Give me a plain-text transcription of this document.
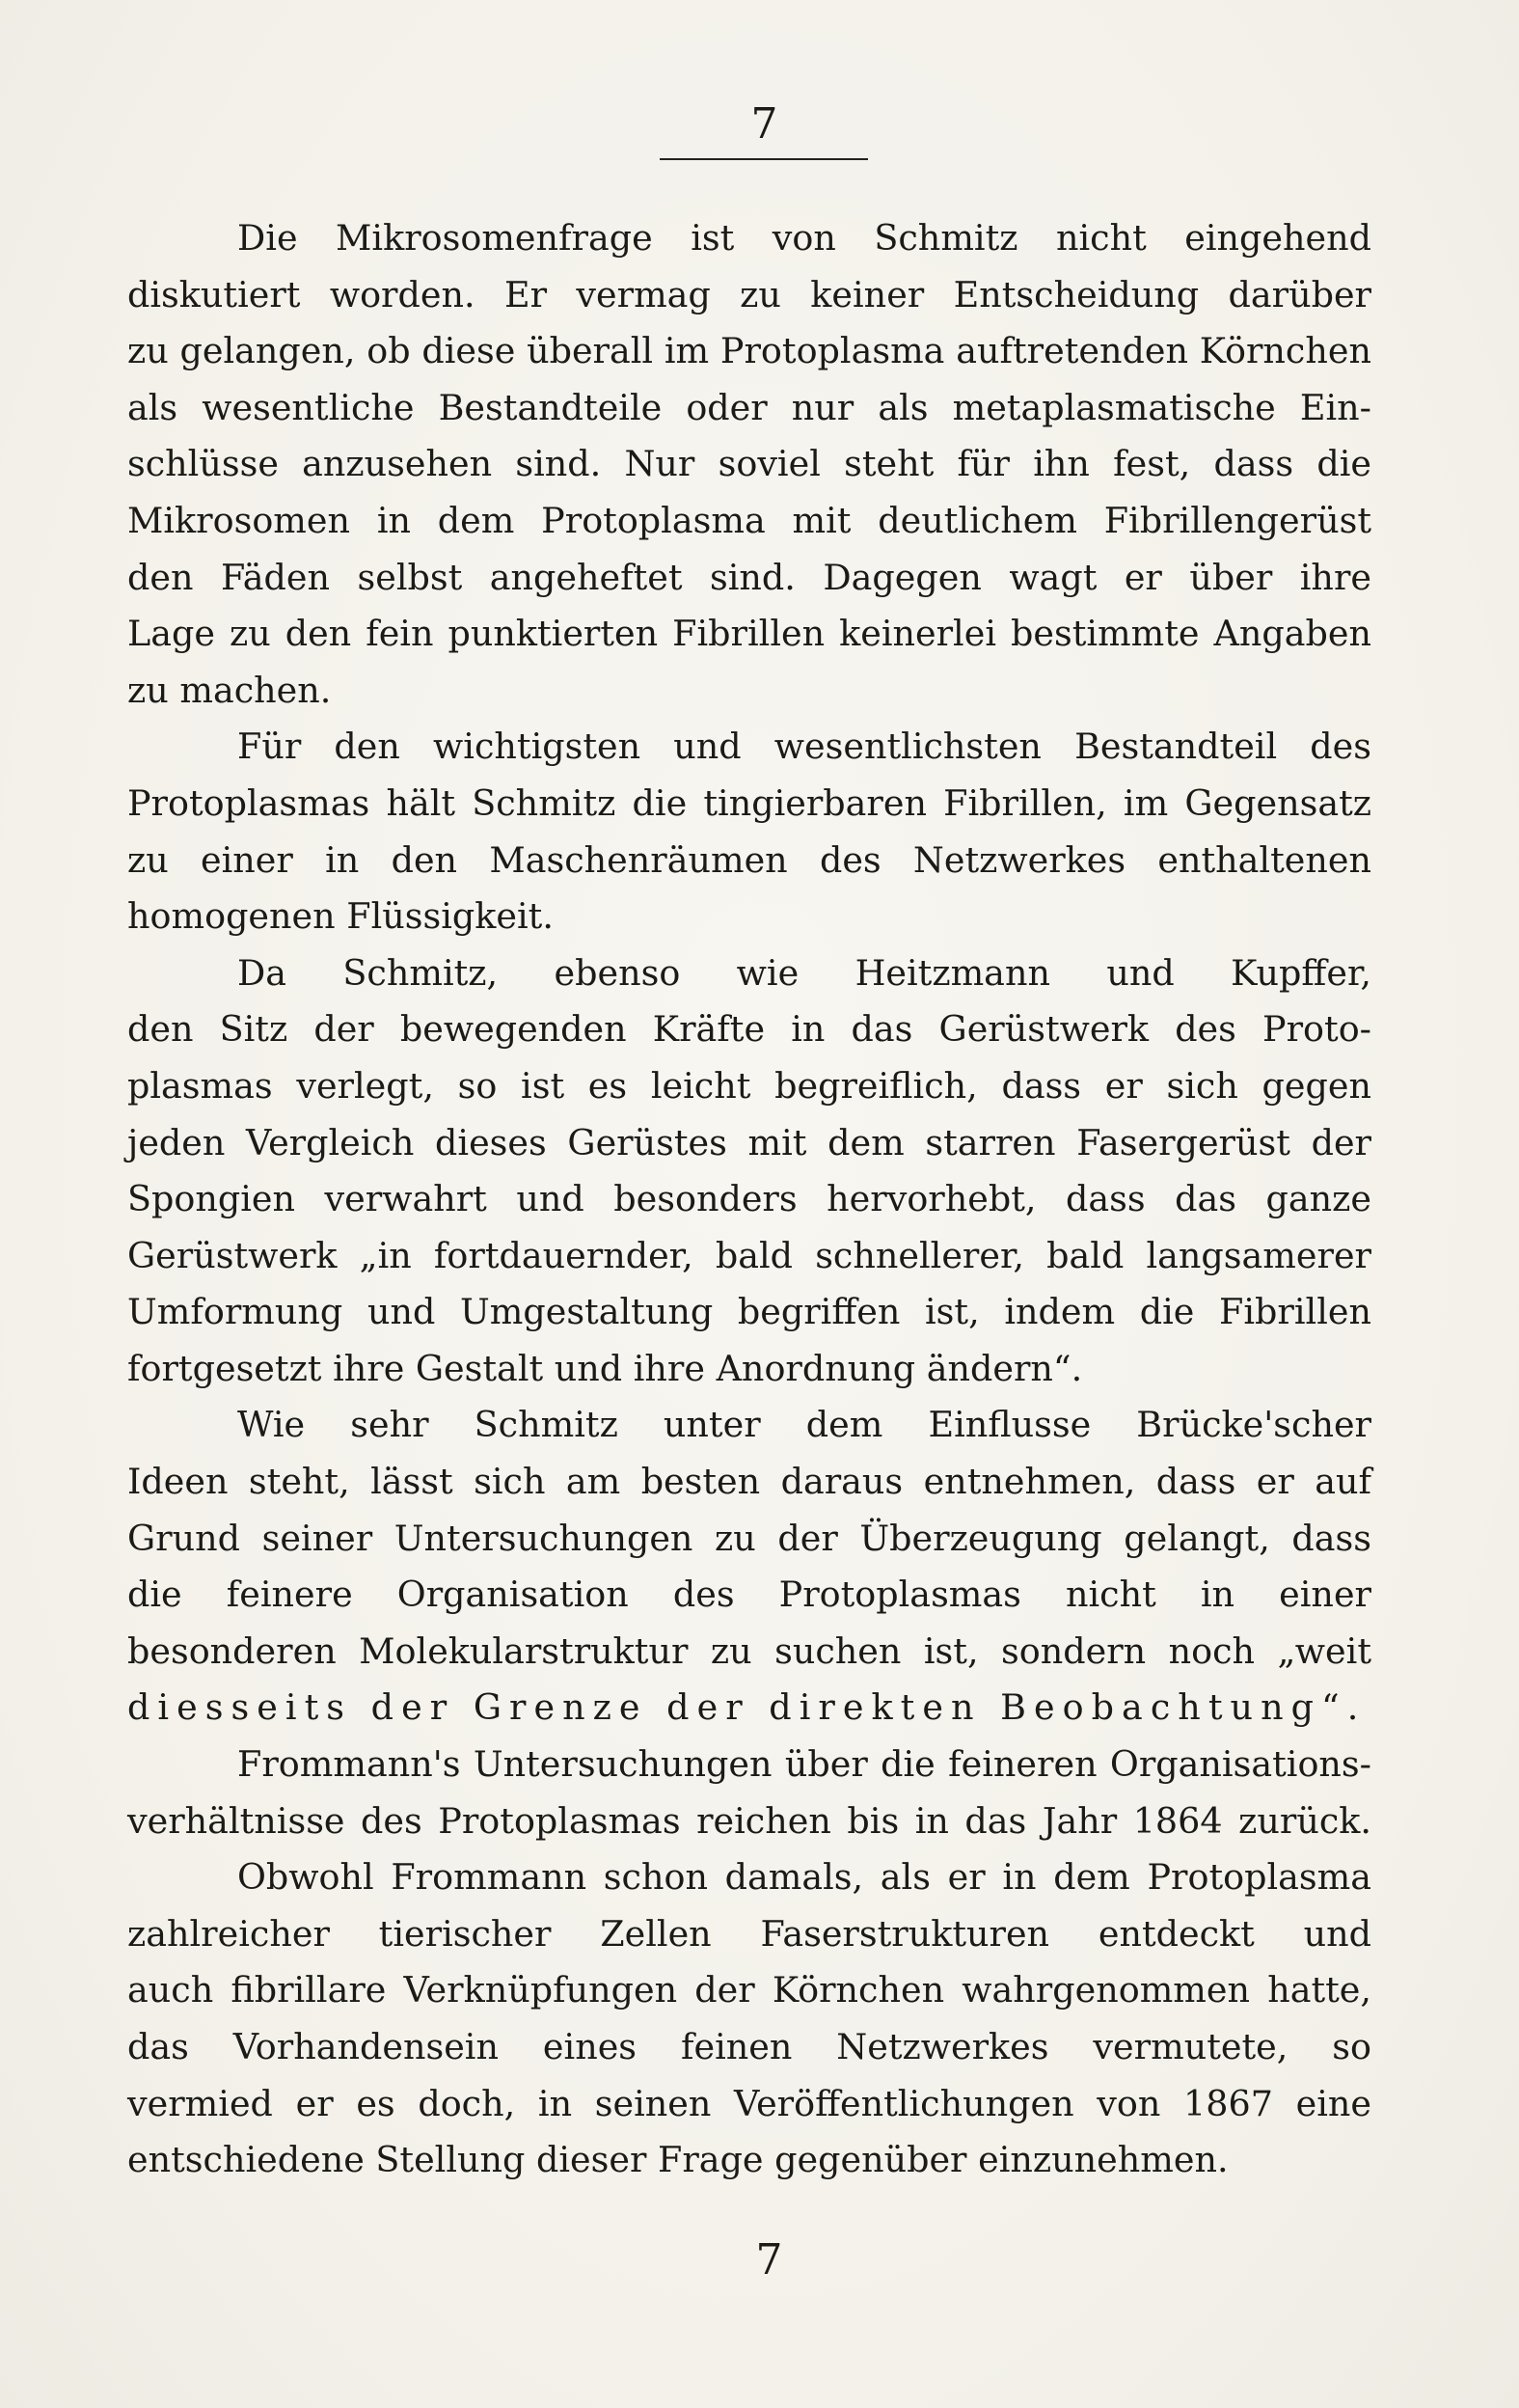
7
Die Mikrosomenfrage ist von Schmitz nicht eingehend
diskutiert worden. Er vermag zu keiner Entscheidung darüber
zu gelangen, ob diese überall im Protoplasma auftretenden Körnchen
als wesentliche Bestandteile oder nur als metaplasmatische Ein-
schlüsse anzusehen sind. Nur soviel steht für ihn fest, dass die
Mikrosomen in dem Protoplasma mit deutlichem Fibrillengerüst
den Fäden selbst angeheftet sind. Dagegen wagt er über ihre
Lage zu den fein punktierten Fibrillen keinerlei bestimmte Angaben
zu machen.
Für den wichtigsten und wesentlichsten Bestandteil des
Protoplasmas hält Schmitz die tingierbaren Fibrillen, im Gegensatz
zu einer in den Maschenräumen des Netzwerkes enthaltenen
homogenen Flüssigkeit.
Da Schmitz, ebenso wie Heitzmann und Kupffer,
den Sitz der bewegenden Kräfte in das Gerüstwerk des Proto-
plasmas verlegt, so ist es leicht begreiflich, dass er sich gegen
jeden Vergleich dieses Gerüstes mit dem starren Fasergerüst der
Spongien verwahrt und besonders hervorhebt, dass das ganze
Gerüstwerk „in fortdauernder, bald schnellerer, bald langsamerer
Umformung und Umgestaltung begriffen ist, indem die Fibrillen
fortgesetzt ihre Gestalt und ihre Anordnung ändern“.
Wie sehr Schmitz unter dem Einflusse Brücke'scher
Ideen steht, lässt sich am besten daraus entnehmen, dass er auf
Grund seiner Untersuchungen zu der Überzeugung gelangt, dass
die feinere Organisation des Protoplasmas nicht in einer
besonderen Molekularstruktur zu suchen ist, sondern noch „weit
diesseits der Grenze der direkten Beobachtung“.
Frommann's Untersuchungen über die feineren Organisations-
verhältnisse des Protoplasmas reichen bis in das Jahr 1864 zurück.
Obwohl Frommann schon damals, als er in dem Protoplasma
zahlreicher tierischer Zellen Faserstrukturen entdeckt und
auch fibrillare Verknüpfungen der Körnchen wahrgenommen hatte,
das Vorhandensein eines feinen Netzwerkes vermutete, so
vermied er es doch, in seinen Veröffentlichungen von 1867 eine
entschiedene Stellung dieser Frage gegenüber einzunehmen.
7
